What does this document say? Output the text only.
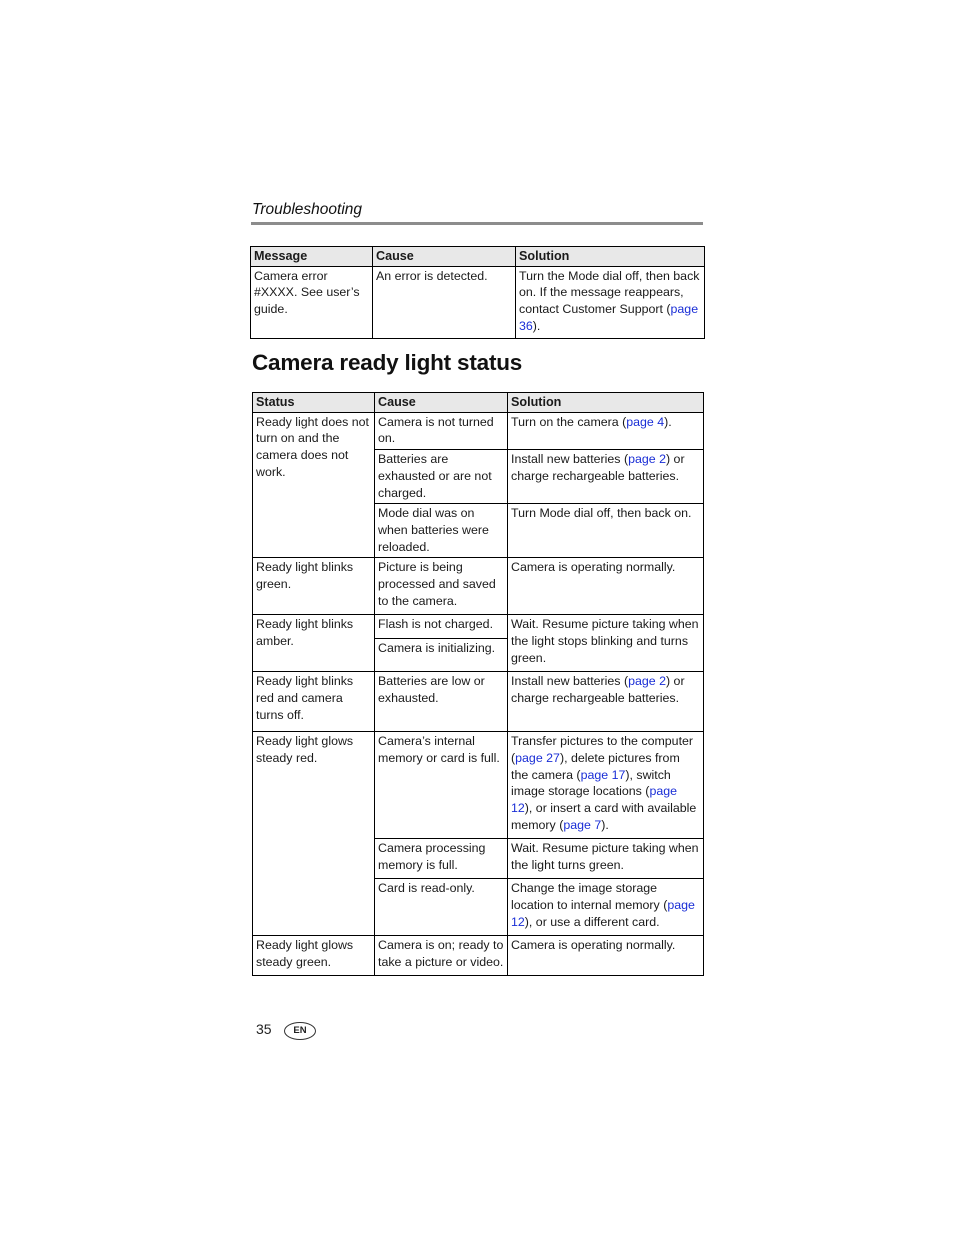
Troubleshooting
Message	Cause	Solution
Camera error #XXXX. See user’s guide.	An error is detected.	Turn the Mode dial off, then back on. If the message reappears, contact Customer Support (page 36).
Camera ready light status
Status	Cause	Solution
Ready light does not turn on and the camera does not work.	Camera is not turned on.	Turn on the camera (page 4).
	Batteries are exhausted or are not charged.	Install new batteries (page 2) or charge rechargeable batteries.
	Mode dial was on when batteries were reloaded.	Turn Mode dial off, then back on.
Ready light blinks green.	Picture is being processed and saved to the camera.	Camera is operating normally.
Ready light blinks amber.	Flash is not charged.	Wait. Resume picture taking when the light stops blinking and turns green.
	Camera is initializing.	
Ready light blinks red and camera turns off.	Batteries are low or exhausted.	Install new batteries (page 2) or charge rechargeable batteries.
Ready light glows steady red.	Camera’s internal memory or card is full.	Transfer pictures to the computer (page 27), delete pictures from the camera (page 17), switch image storage locations (page 12), or insert a card with available memory (page 7).
	Camera processing memory is full.	Wait. Resume picture taking when the light turns green.
	Card is read-only.	Change the image storage location to internal memory (page 12), or use a different card.
Ready light glows steady green.	Camera is on; ready to take a picture or video.	Camera is operating normally.
35	EN
